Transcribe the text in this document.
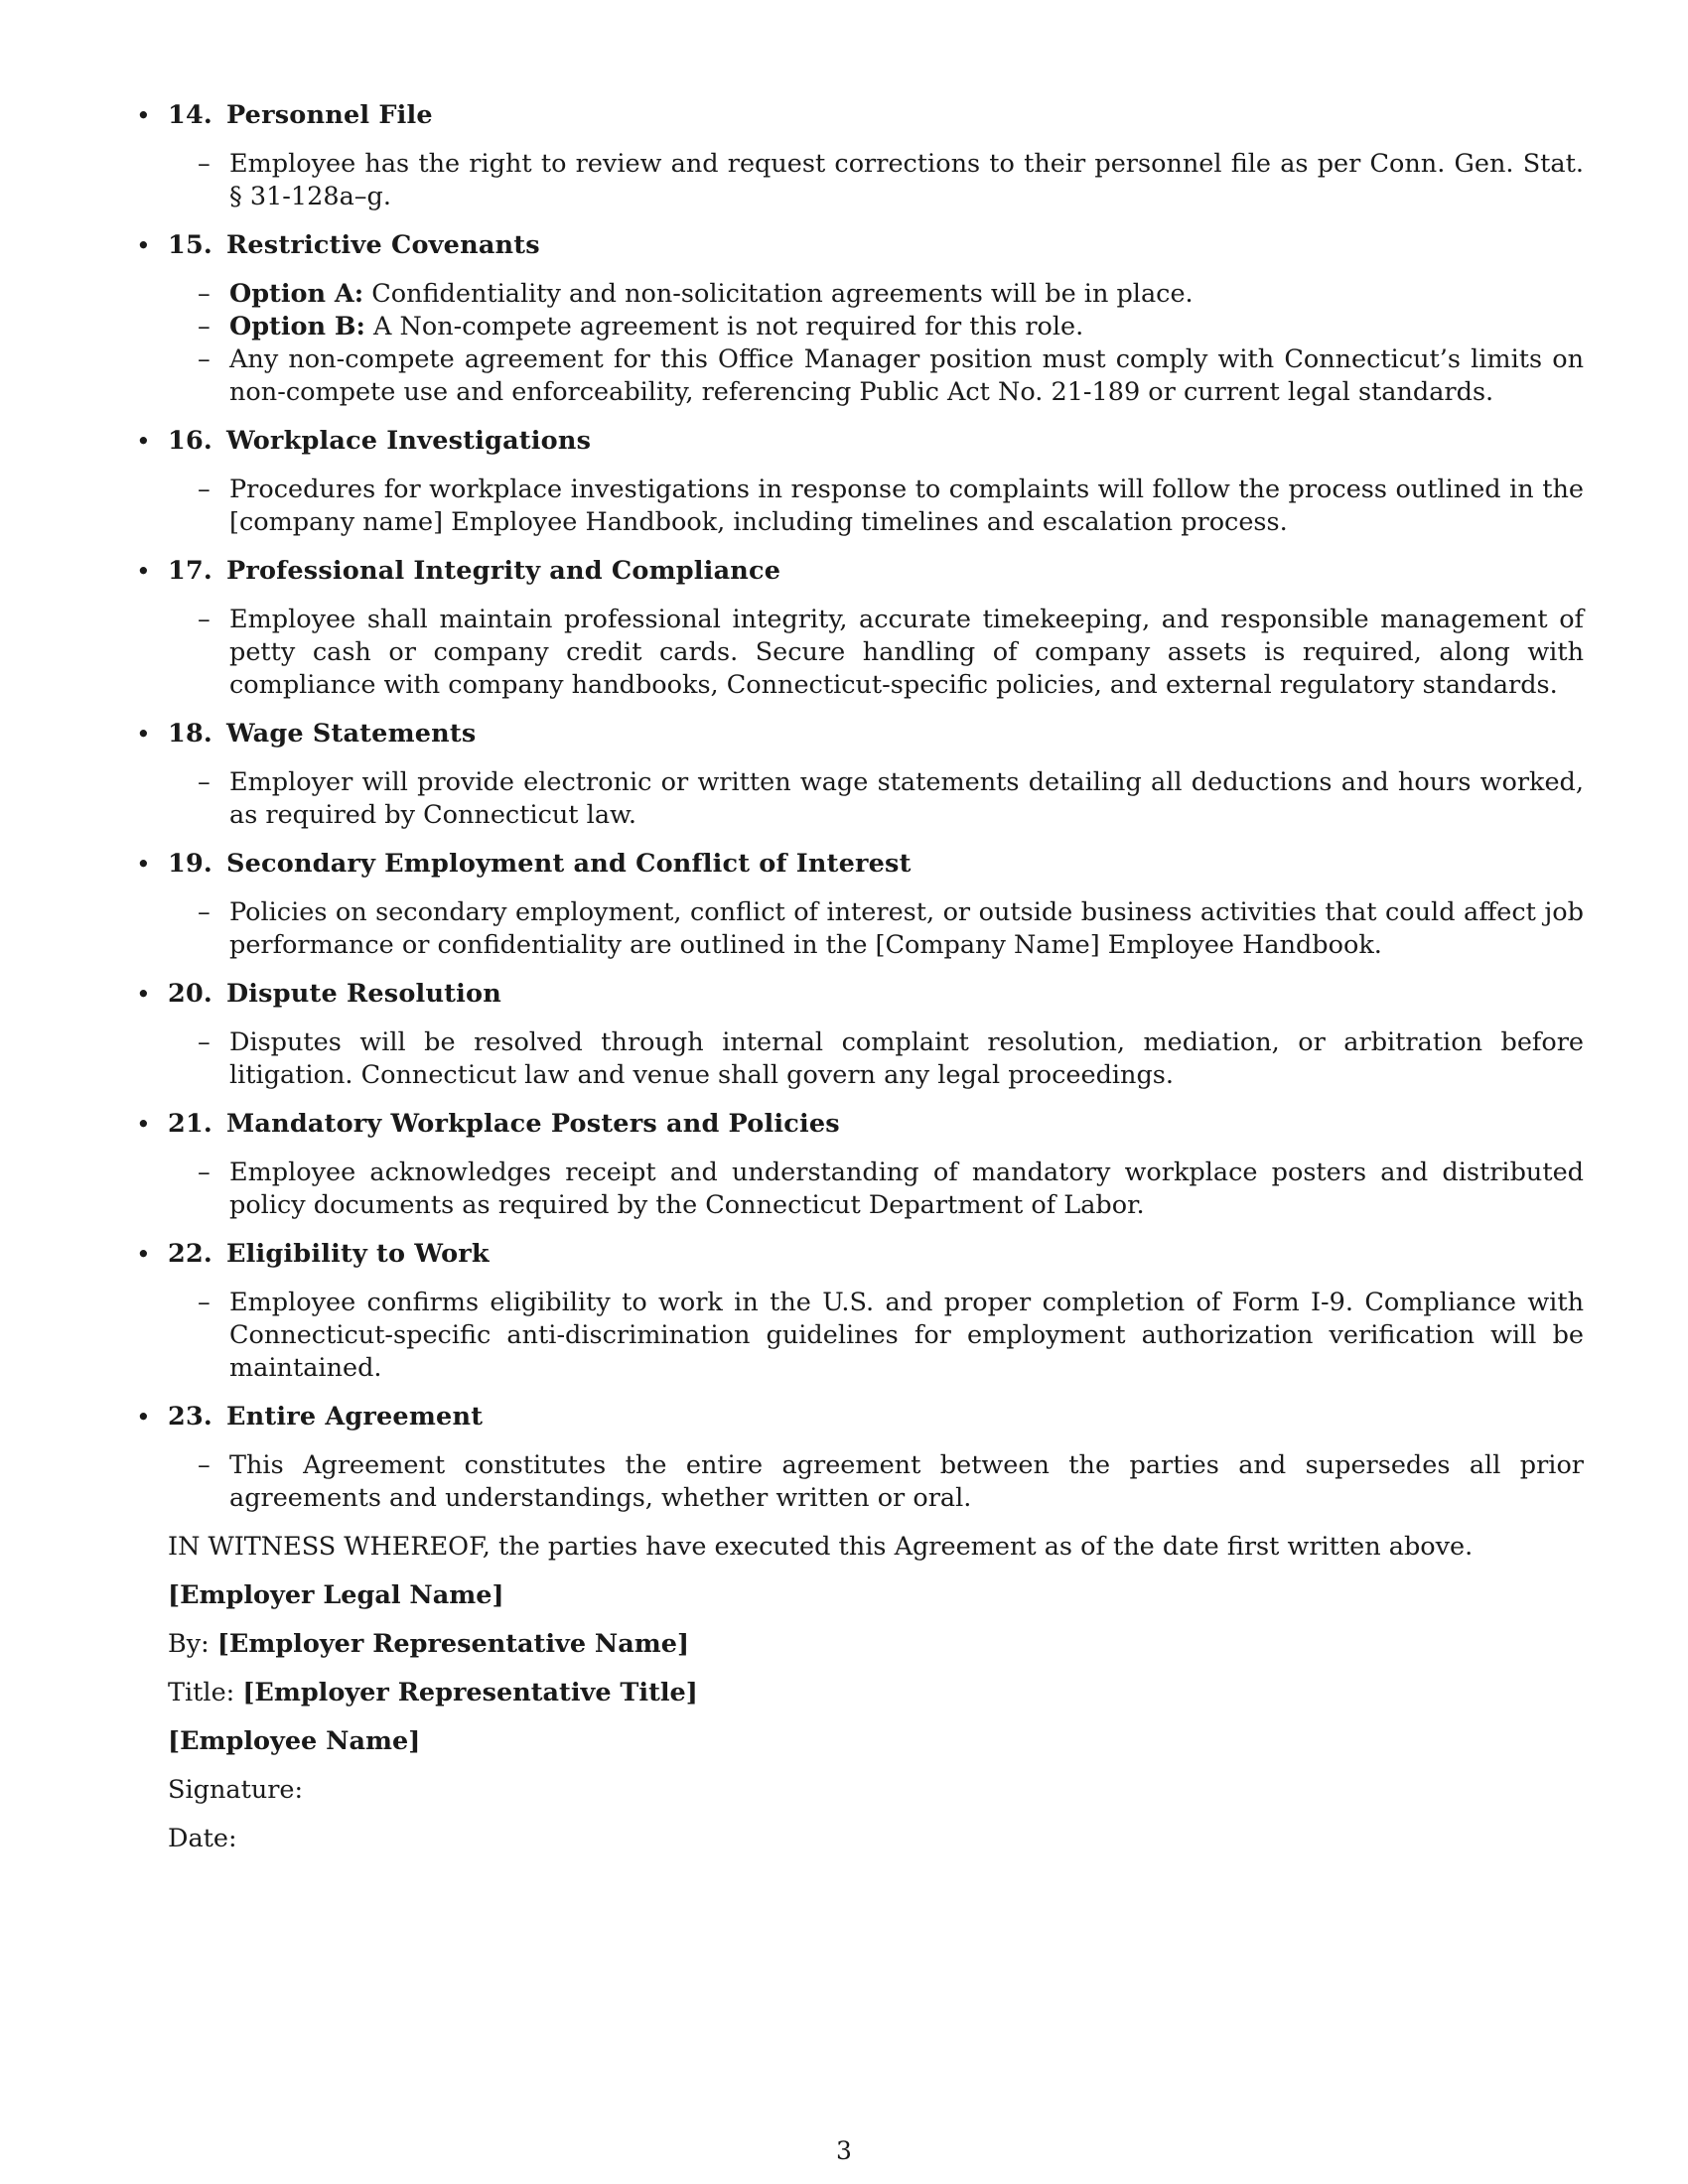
• 14. Personnel File

– Employee has the right to review and request corrections to their personnel file as per Conn. Gen. Stat. § 31-128a–g.
• 15. Restrictive Covenants

– Option A: Confidentiality and non-solicitation agreements will be in place.
– Option B: A Non-compete agreement is not required for this role.
– Any non-compete agreement for this Office Manager position must comply with Connecticut’s limits on non-compete use and enforceability, referencing Public Act No. 21-189 or current legal standards.
• 16. Workplace Investigations

– Procedures for workplace investigations in response to complaints will follow the process outlined in the [company name] Employee Handbook, including timelines and escalation process.
• 17. Professional Integrity and Compliance

– Employee shall maintain professional integrity, accurate timekeeping, and responsible management of petty cash or company credit cards. Secure handling of company assets is required, along with compliance with company handbooks, Connecticut-specific policies, and external regulatory standards.
• 18. Wage Statements

– Employer will provide electronic or written wage statements detailing all deductions and hours worked, as required by Connecticut law.
• 19. Secondary Employment and Conflict of Interest

– Policies on secondary employment, conflict of interest, or outside business activities that could affect job performance or confidentiality are outlined in the [Company Name] Employee Handbook.
• 20. Dispute Resolution

– Disputes will be resolved through internal complaint resolution, mediation, or arbitration before litigation. Connecticut law and venue shall govern any legal proceedings.
• 21. Mandatory Workplace Posters and Policies

– Employee acknowledges receipt and understanding of mandatory workplace posters and distributed policy documents as required by the Connecticut Department of Labor.
• 22. Eligibility to Work

– Employee confirms eligibility to work in the U.S. and proper completion of Form I-9. Compliance with Connecticut-specific anti-discrimination guidelines for employment authorization verification will be maintained.
• 23. Entire Agreement

– This Agreement constitutes the entire agreement between the parties and supersedes all prior agreements and understandings, whether written or oral.

IN WITNESS WHEREOF, the parties have executed this Agreement as of the date first written above.

[Employer Legal Name]

By: [Employer Representative Name]

Title: [Employer Representative Title]

[Employee Name]

Signature:

Date:

3
